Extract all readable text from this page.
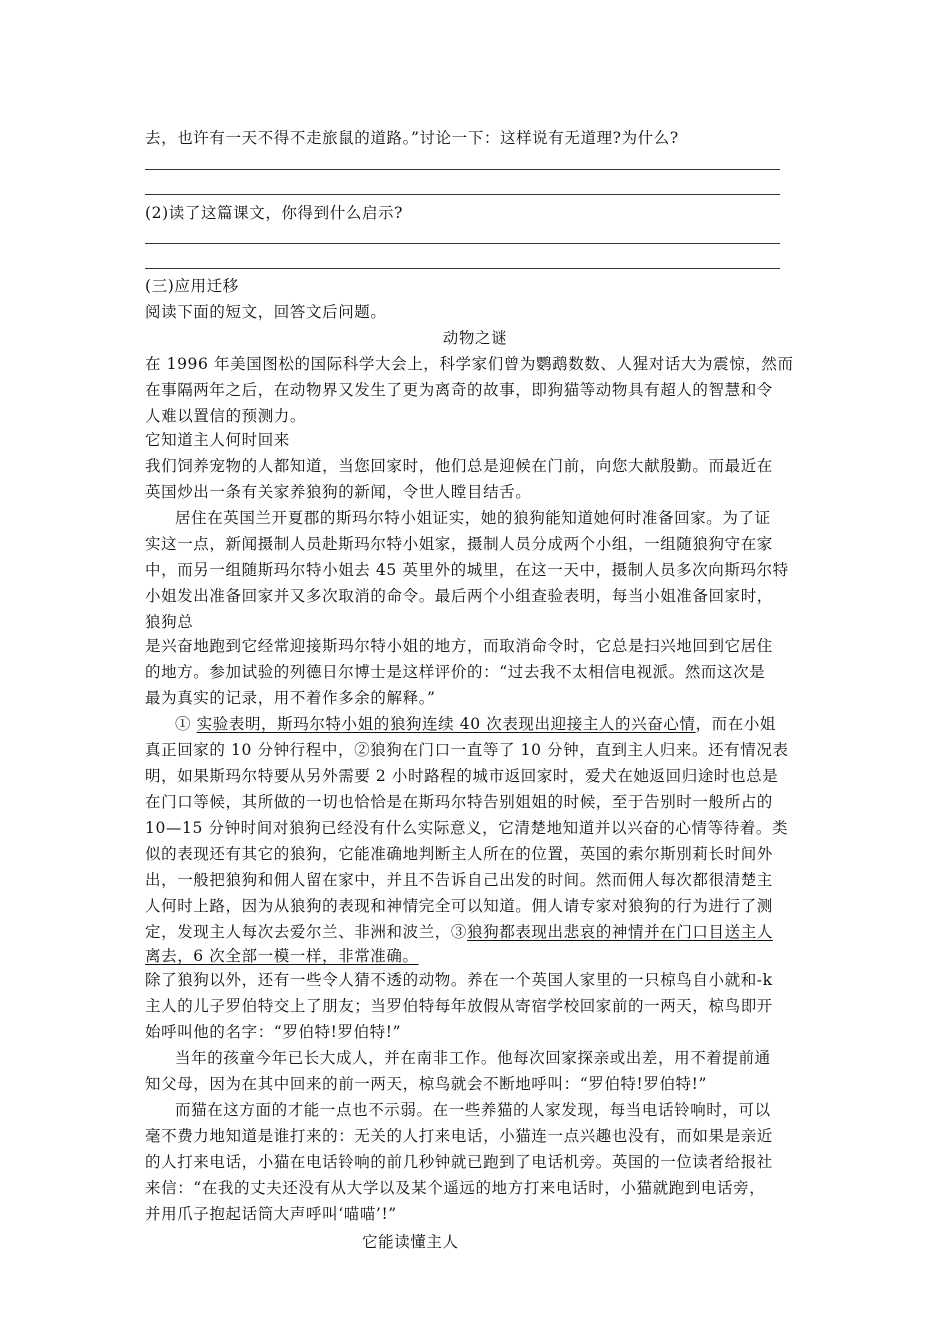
去，也许有一天不得不走旅鼠的道路。”讨论一下：这样说有无道理?为什么?
(2)读了这篇课文，你得到什么启示?
(三)应用迁移
阅读下面的短文，回答文后问题。
动物之谜
在 1996 年美国图松的国际科学大会上，科学家们曾为鹦鹉数数、人猩对话大为震惊，然而
在事隔两年之后，在动物界又发生了更为离奇的故事，即狗猫等动物具有超人的智慧和令
人难以置信的预测力。
它知道主人何时回来
我们饲养宠物的人都知道，当您回家时，他们总是迎候在门前，向您大献殷勤。而最近在
英国炒出一条有关家养狼狗的新闻，令世人瞠目结舌。
居住在英国兰开夏郡的斯玛尔特小姐证实，她的狼狗能知道她何时准备回家。为了证
实这一点，新闻摄制人员赴斯玛尔特小姐家，摄制人员分成两个小组，一组随狼狗守在家
中，而另一组随斯玛尔特小姐去 45 英里外的城里，在这一天中，摄制人员多次向斯玛尔特
小姐发出准备回家并又多次取消的命令。最后两个小组查验表明，每当小姐准备回家时，
狼狗总
是兴奋地跑到它经常迎接斯玛尔特小姐的地方，而取消命令时，它总是扫兴地回到它居住
的地方。参加试验的列德日尔博士是这样评价的：“过去我不太相信电视派。然而这次是
最为真实的记录，用不着作多余的解释。”
① 实验表明，斯玛尔特小姐的狼狗连续 40 次表现出迎接主人的兴奋心情，而在小姐
真正回家的 10 分钟行程中，②狼狗在门口一直等了 10 分钟，直到主人归来。还有情况表
明，如果斯玛尔特要从另外需要 2 小时路程的城市返回家时，爱犬在她返回归途时也总是
在门口等候，其所做的一切也恰恰是在斯玛尔特告别姐姐的时候，至于告别时一般所占的
10—15 分钟时间对狼狗已经没有什么实际意义，它清楚地知道并以兴奋的心情等待着。类
似的表现还有其它的狼狗，它能准确地判断主人所在的位置，英国的索尔斯別莉长时间外
出，一般把狼狗和佣人留在家中，并且不告诉自己出发的时间。然而佣人每次都很清楚主
人何时上路，因为从狼狗的表现和神情完全可以知道。佣人请专家对狼狗的行为进行了测
定，发现主人每次去爱尔兰、非洲和波兰，③狼狗都表现出悲哀的神情并在门口目送主人
离去，6 次全部一模一样，非常准确。
除了狼狗以外，还有一些令人猜不透的动物。养在一个英国人家里的一只椋鸟自小就和-k
主人的儿子罗伯特交上了朋友；当罗伯特每年放假从寄宿学校回家前的一两天，椋鸟即开
始呼叫他的名字：“罗伯特!罗伯特!”
当年的孩童今年已长大成人，并在南非工作。他每次回家探亲或出差，用不着提前通
知父母，因为在其中回来的前一两天，椋鸟就会不断地呼叫：“罗伯特!罗伯特!”
而猫在这方面的才能一点也不示弱。在一些养猫的人家发现，每当电话铃响时，可以
毫不费力地知道是谁打来的：无关的人打来电话，小猫连一点兴趣也没有，而如果是亲近
的人打来电话，小猫在电话铃响的前几秒钟就已跑到了电话机旁。英国的一位读者给报社
来信：“在我的丈夫还没有从大学以及某个遥远的地方打来电话时，小猫就跑到电话旁，
并用爪子抱起话筒大声呼叫‘喵喵’!”
它能读懂主人
